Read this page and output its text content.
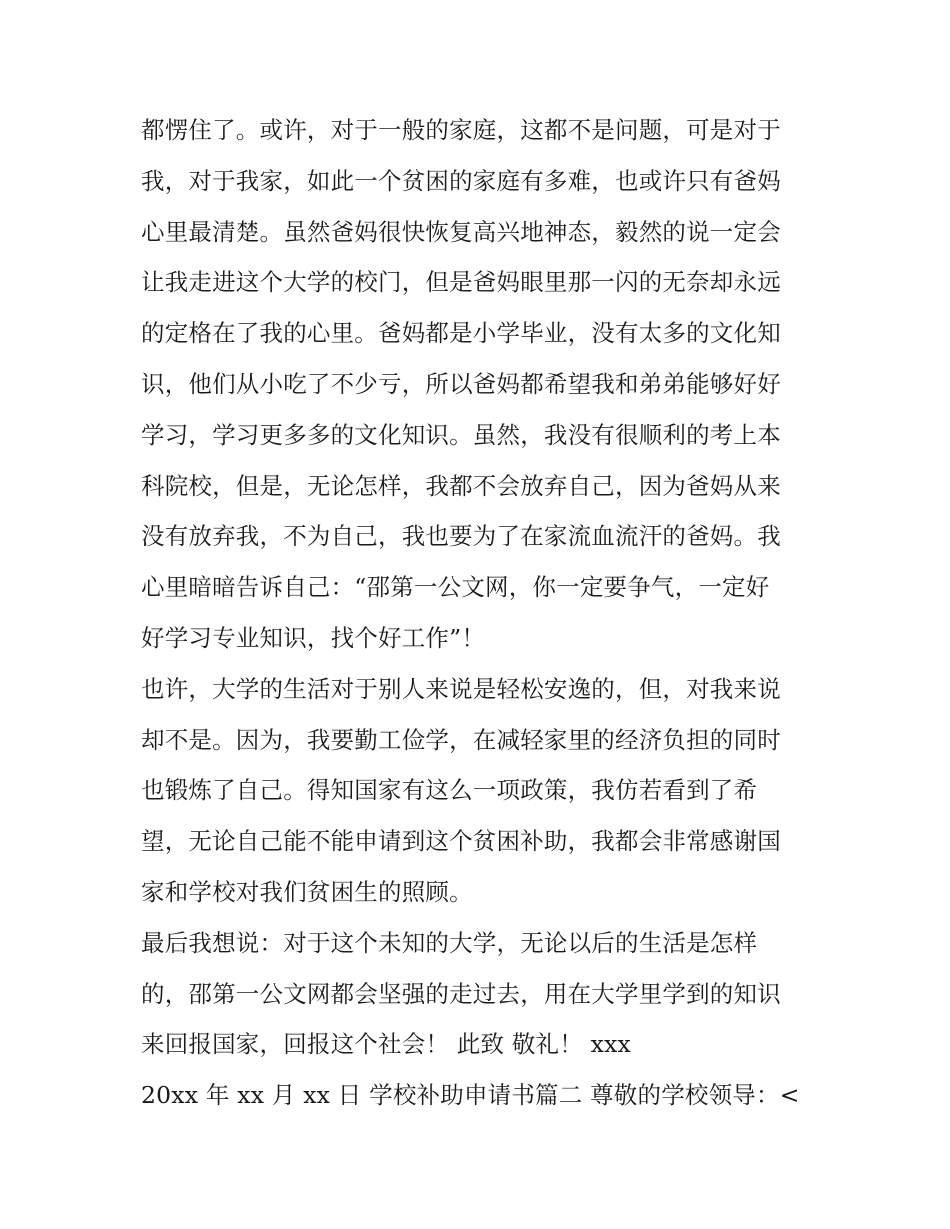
都愣住了。或许，对于一般的家庭，这都不是问题，可是对于
我，对于我家，如此一个贫困的家庭有多难，也或许只有爸妈
心里最清楚。虽然爸妈很快恢复高兴地神态，毅然的说一定会
让我走进这个大学的校门，但是爸妈眼里那一闪的无奈却永远
的定格在了我的心里。爸妈都是小学毕业，没有太多的文化知
识，他们从小吃了不少亏，所以爸妈都希望我和弟弟能够好好
学习，学习更多多的文化知识。虽然，我没有很顺利的考上本
科院校，但是，无论怎样，我都不会放弃自己，因为爸妈从来
没有放弃我，不为自己，我也要为了在家流血流汗的爸妈。我
心里暗暗告诉自己：“邵第一公文网，你一定要争气，一定好
好学习专业知识，找个好工作”！
也许，大学的生活对于别人来说是轻松安逸的，但，对我来说
却不是。因为，我要勤工俭学，在减轻家里的经济负担的同时
也锻炼了自己。得知国家有这么一项政策，我仿若看到了希
望，无论自己能不能申请到这个贫困补助，我都会非常感谢国
家和学校对我们贫困生的照顾。
最后我想说：对于这个未知的大学，无论以后的生活是怎样
的，邵第一公文网都会坚强的走过去，用在大学里学到的知识
来回报国家，回报这个社会！ 此致 敬礼！ xxx
20xx 年 xx 月 xx 日 学校补助申请书篇二 尊敬的学校领导：<
